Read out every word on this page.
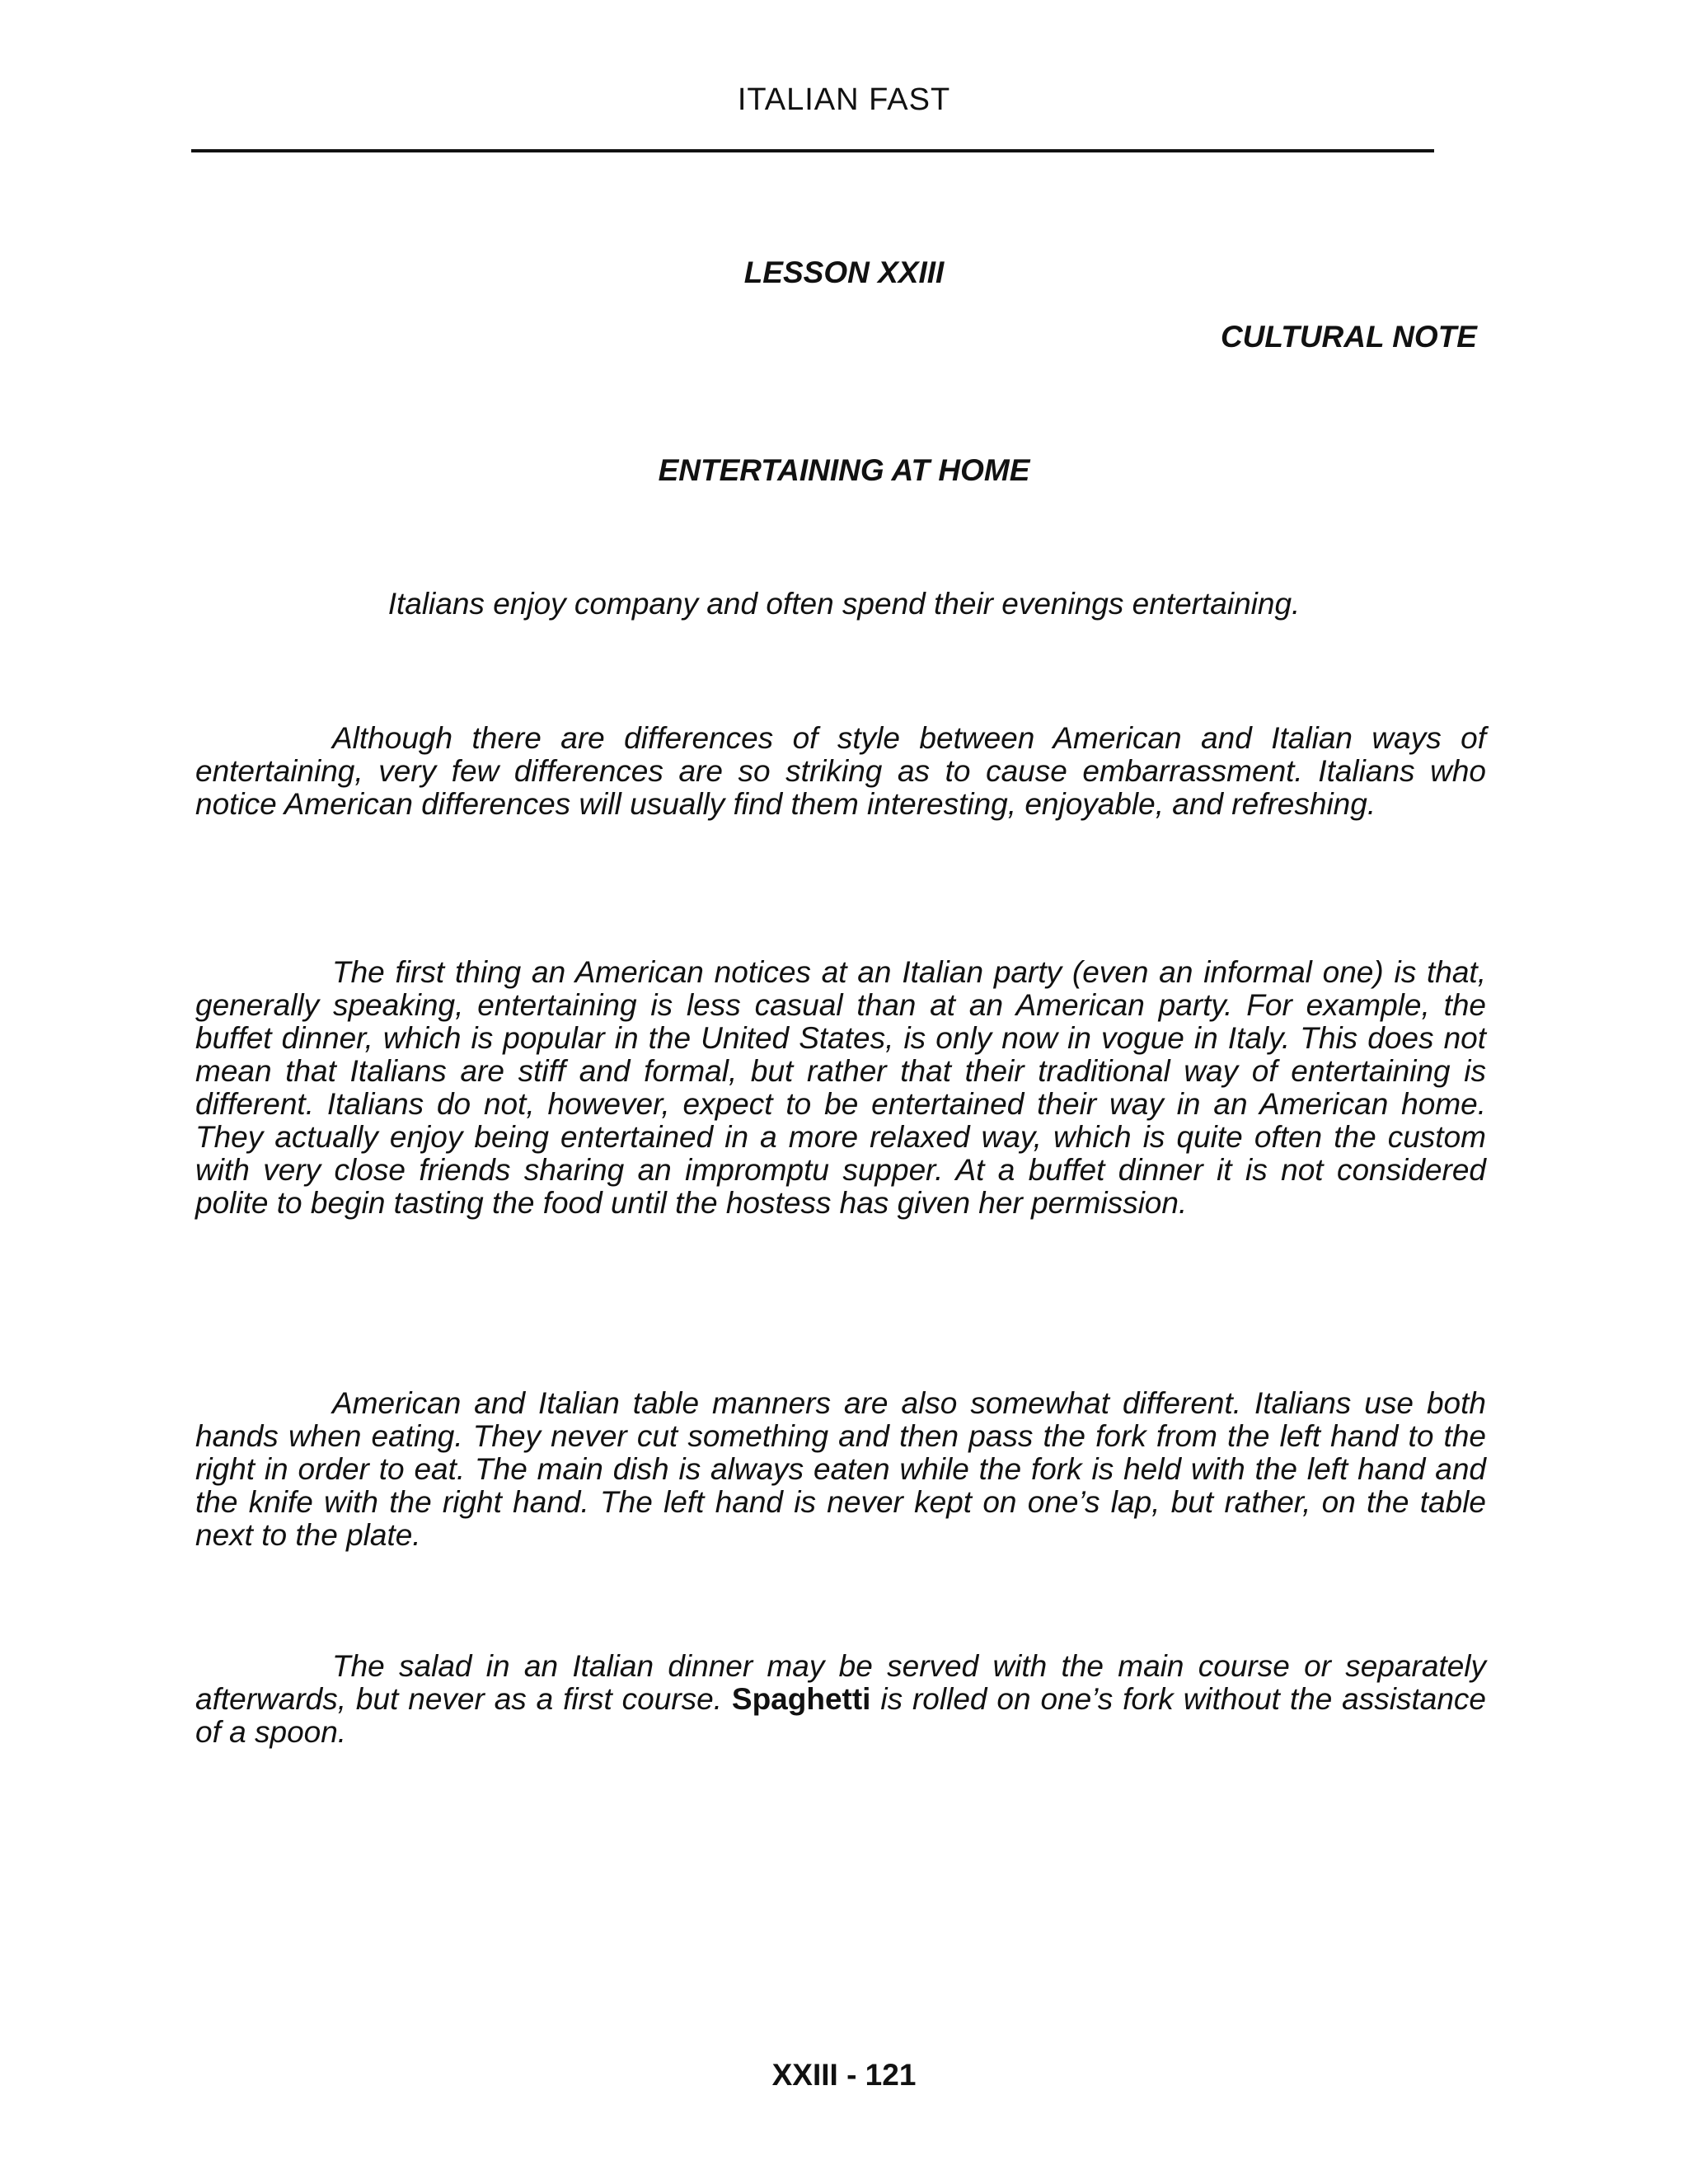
ITALIAN FAST
LESSON XXIII
CULTURAL NOTE
ENTERTAINING AT HOME
Italians enjoy company and often spend their evenings entertaining.

Although there are differences of style between American and Italian ways of entertaining, very few differences are so striking as to cause embarrassment. Italians who notice American differences will usually find them interesting, enjoyable, and refreshing.

The first thing an American notices at an Italian party (even an informal one) is that, generally speaking, entertaining is less casual than at an American party. For example, the buffet dinner, which is popular in the United States, is only now in vogue in Italy. This does not mean that Italians are stiff and formal, but rather that their traditional way of entertaining is different. Italians do not, however, expect to be entertained their way in an American home. They actually enjoy being entertained in a more relaxed way, which is quite often the custom with very close friends sharing an impromptu supper. At a buffet dinner it is not considered polite to begin tasting the food until the hostess has given her permission.

American and Italian table manners are also somewhat different. Italians use both hands when eating. They never cut something and then pass the fork from the left hand to the right in order to eat. The main dish is always eaten while the fork is held with the left hand and the knife with the right hand. The left hand is never kept on one’s lap, but rather, on the table next to the plate.

The salad in an Italian dinner may be served with the main course or separately afterwards, but never as a first course. Spaghetti is rolled on one’s fork without the assistance of a spoon.

XXIII - 121
